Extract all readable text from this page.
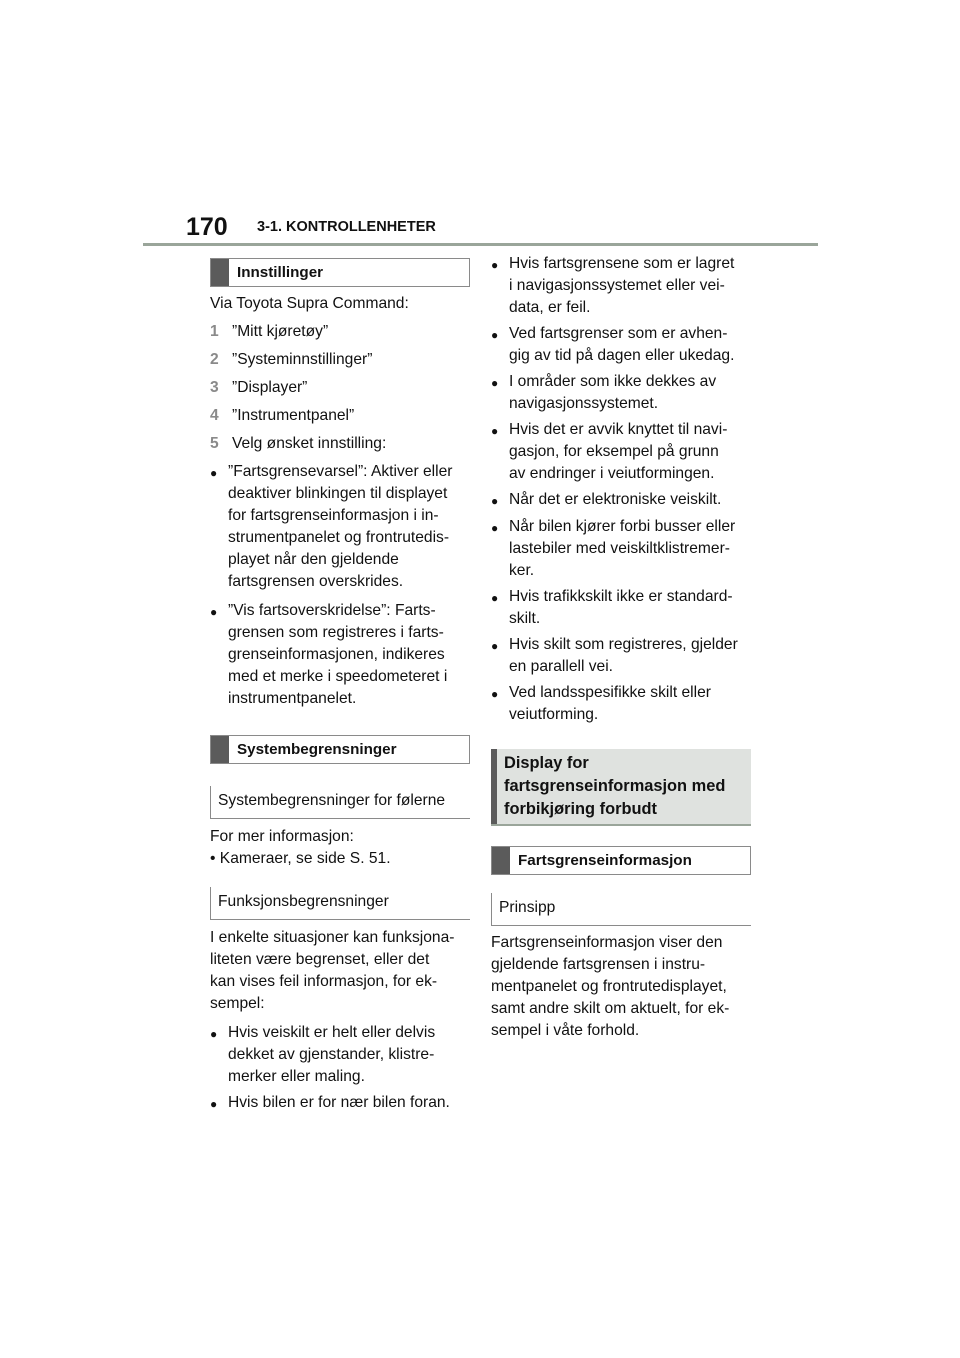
170 3-1. KONTROLLENHETER
Innstillinger

Via Toyota Supra Command:

1 ”Mitt kjøretøy”
2 ”Systeminnstillinger”
3 ”Displayer”
4 ”Instrumentpanel”
5 Velg ønsket innstilling:
● ”Fartsgrensevarsel”: Aktiver eller
deaktiver blinkingen til displayet
for fartsgrenseinformasjon i in-
strumentpanelet og frontrutedis-
playet når den gjeldende
fartsgrensen overskrides.
● ”Vis fartsoverskridelse”: Farts-
grensen som registreres i farts-
grenseinformasjonen, indikeres
med et merke i speedometeret i
instrumentpanelet.
Systembegrensninger
Systembegrensninger for følerne

For mer informasjon:

• Kameraer, se side S. 51.

Funksjonsbegrensninger
I enkelte situasjoner kan funksjona-
liteten være begrenset, eller det
kan vises feil informasjon, for ek-
sempel:
● Hvis veiskilt er helt eller delvis
dekket av gjenstander, klistre-
merker eller maling.
● Hvis bilen er for nær bilen foran.
● Hvis fartsgrensene som er lagret
i navigasjonssystemet eller vei-
data, er feil.
● Ved fartsgrenser som er avhen-
gig av tid på dagen eller ukedag.
● I områder som ikke dekkes av
navigasjonssystemet.
● Hvis det er avvik knyttet til navi-
gasjon, for eksempel på grunn
av endringer i veiutformingen.
● Når det er elektroniske veiskilt.
● Når bilen kjører forbi busser eller
lastebiler med veiskiltklistremer-
ker.
● Hvis trafikkskilt ikke er standard-
skilt.
● Hvis skilt som registreres, gjelder
en parallell vei.
● Ved landsspesifikke skilt eller
veiutforming.
Display for
fartsgrenseinformasjon med
forbikjøring forbudt
Fartsgrenseinformasjon
Prinsipp
Fartsgrenseinformasjon viser den
gjeldende fartsgrensen i instru-
mentpanelet og frontrutedisplayet,
samt andre skilt om aktuelt, for ek-
sempel i våte forhold.
